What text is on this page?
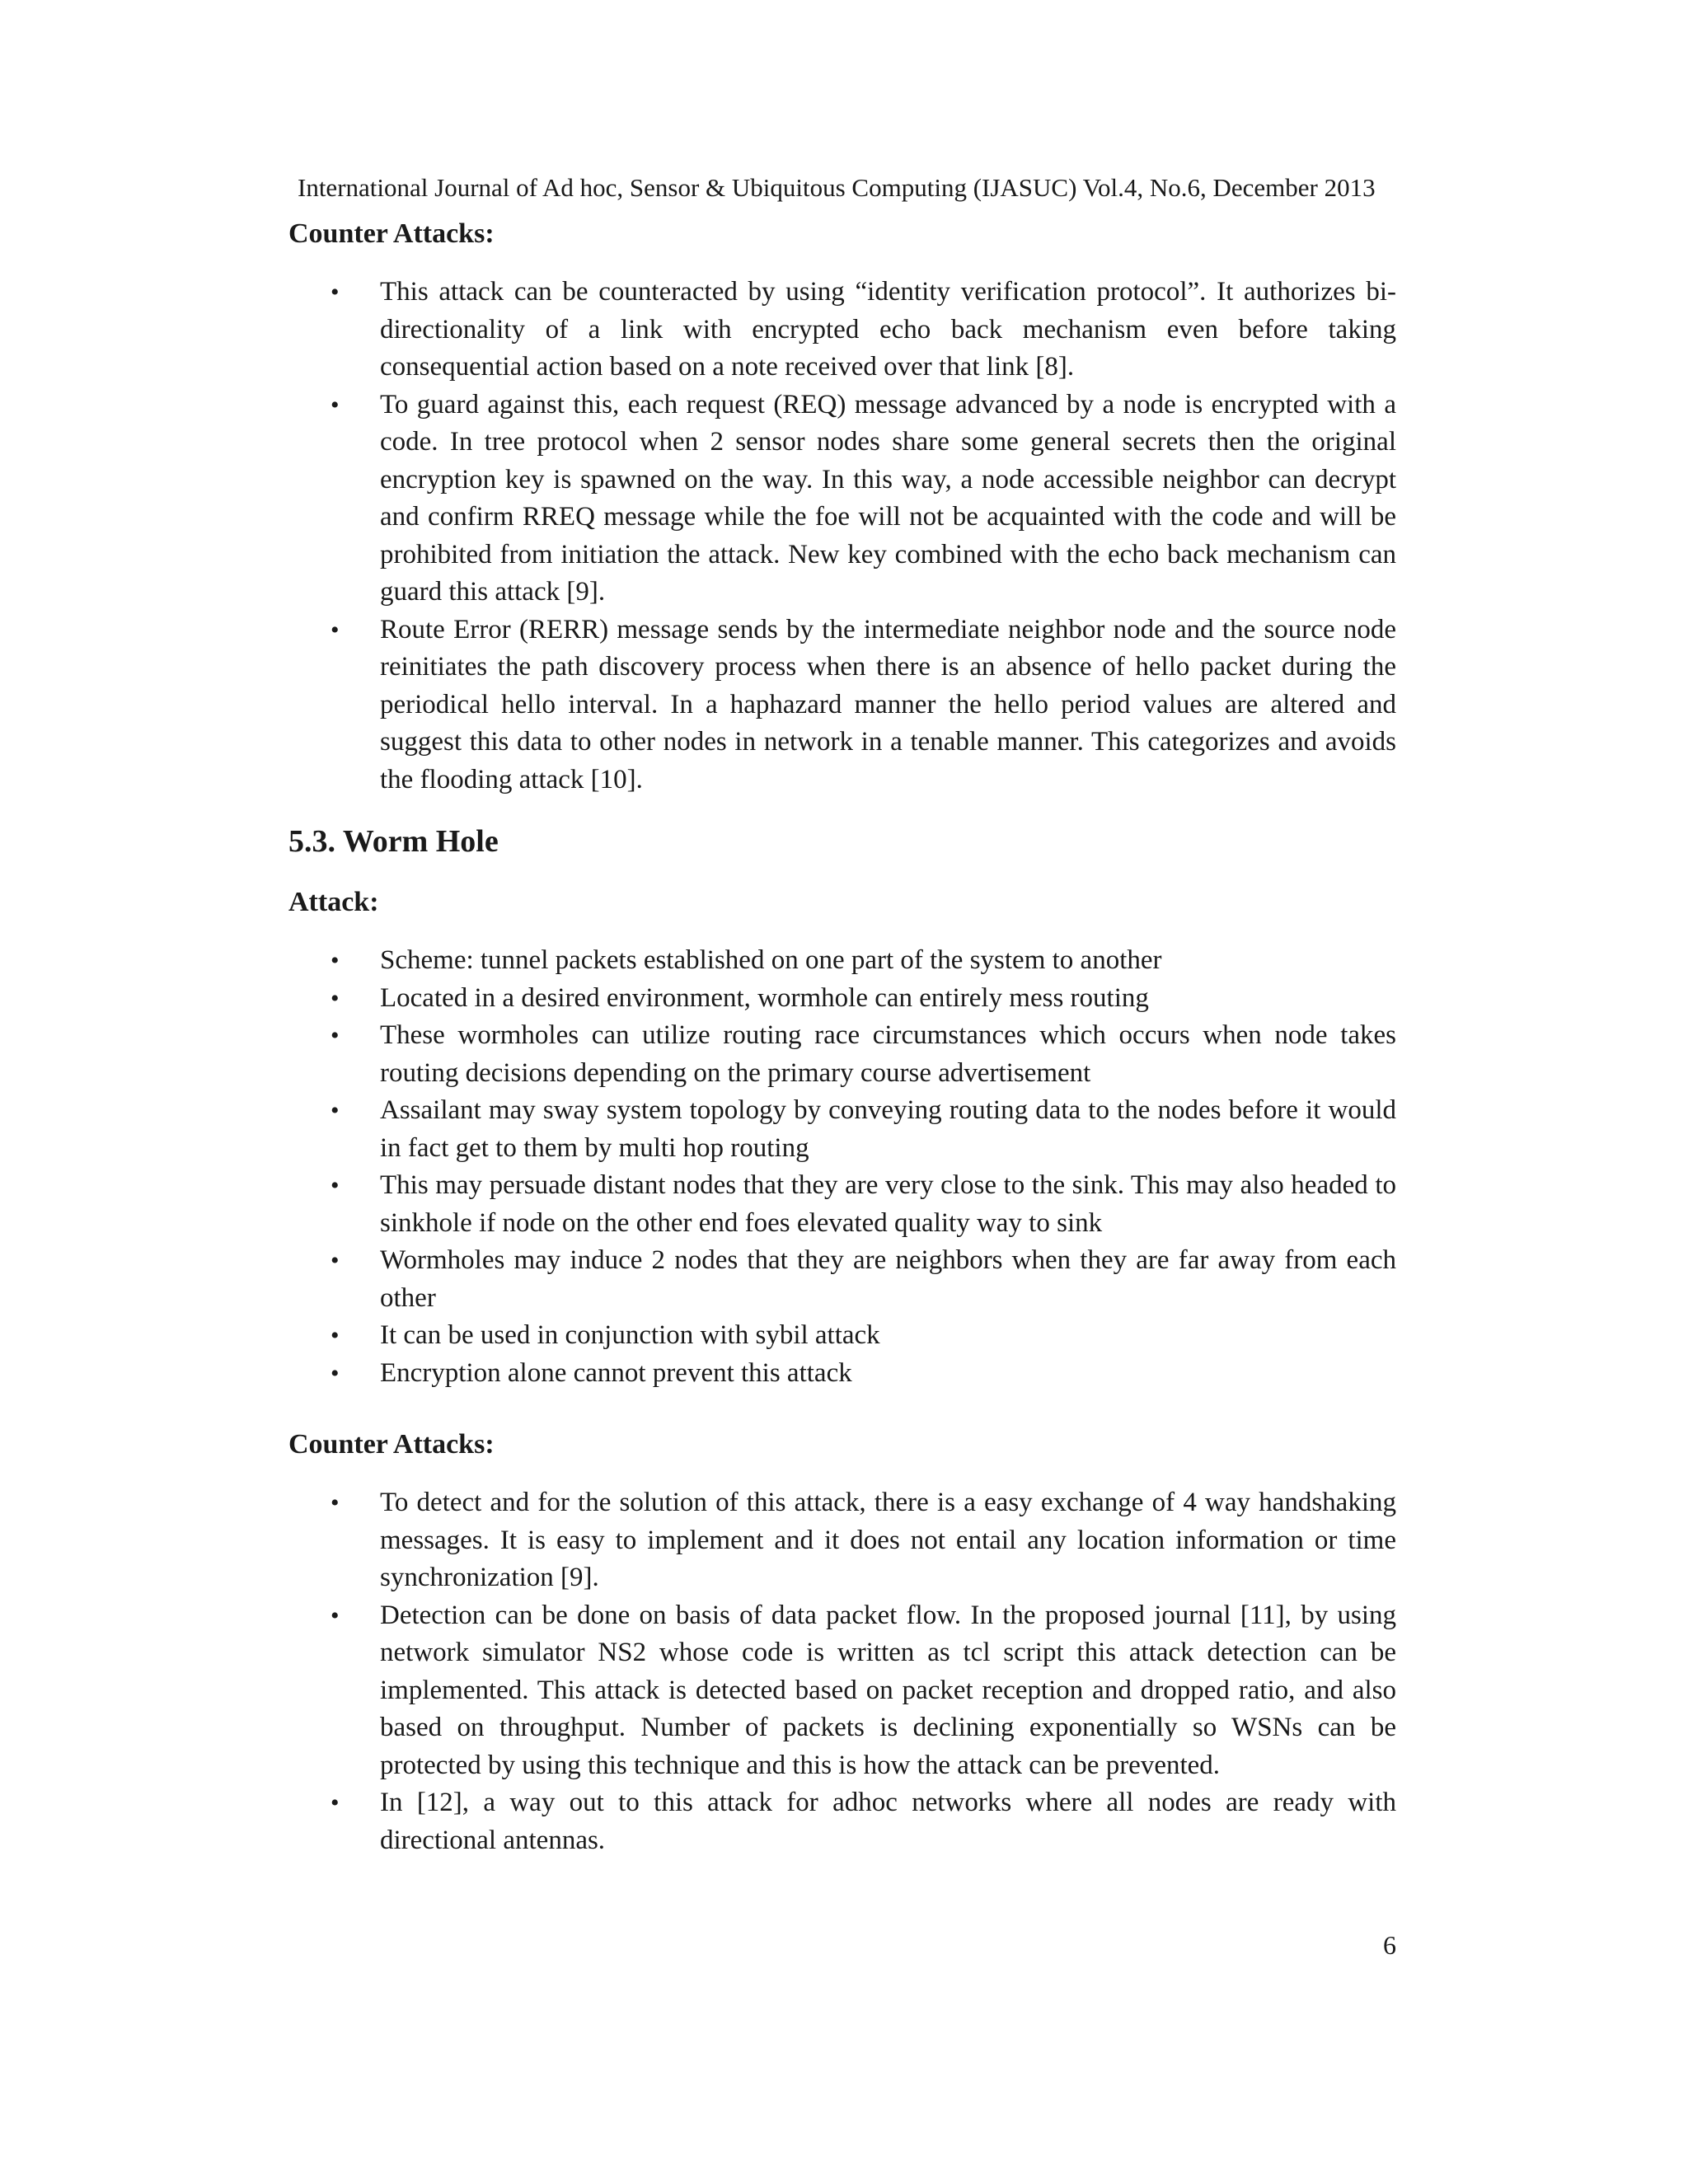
International Journal of Ad hoc, Sensor & Ubiquitous Computing (IJASUC) Vol.4, No.6, December 2013

Counter Attacks:

• This attack can be counteracted by using “identity verification protocol”. It authorizes bi-directionality of a link with encrypted echo back mechanism even before taking consequential action based on a note received over that link [8].
• To guard against this, each request (REQ) message advanced by a node is encrypted with a code. In tree protocol when 2 sensor nodes share some general secrets then the original encryption key is spawned on the way. In this way, a node accessible neighbor can decrypt and confirm RREQ message while the foe will not be acquainted with the code and will be prohibited from initiation the attack. New key combined with the echo back mechanism can guard this attack [9].
• Route Error (RERR) message sends by the intermediate neighbor node and the source node reinitiates the path discovery process when there is an absence of hello packet during the periodical hello interval. In a haphazard manner the hello period values are altered and suggest this data to other nodes in network in a tenable manner. This categorizes and avoids the flooding attack [10].
5.3. Worm Hole

Attack:

• Scheme: tunnel packets established on one part of the system to another
• Located in a desired environment, wormhole can entirely mess routing
• These wormholes can utilize routing race circumstances which occurs when node takes routing decisions depending on the primary course advertisement
• Assailant may sway system topology by conveying routing data to the nodes before it would in fact get to them by multi hop routing
• This may persuade distant nodes that they are very close to the sink. This may also headed to sinkhole if node on the other end foes elevated quality way to sink
• Wormholes may induce 2 nodes that they are neighbors when they are far away from each other
• It can be used in conjunction with sybil attack
• Encryption alone cannot prevent this attack

Counter Attacks:

• To detect and for the solution of this attack, there is a easy exchange of 4 way handshaking messages. It is easy to implement and it does not entail any location information or time synchronization [9].
• Detection can be done on basis of data packet flow. In the proposed journal [11], by using network simulator NS2 whose code is written as tcl script this attack detection can be implemented. This attack is detected based on packet reception and dropped ratio, and also based on throughput. Number of packets is declining exponentially so WSNs can be protected by using this technique and this is how the attack can be prevented.
• In [12], a way out to this attack for adhoc networks where all nodes are ready with directional antennas.
6
